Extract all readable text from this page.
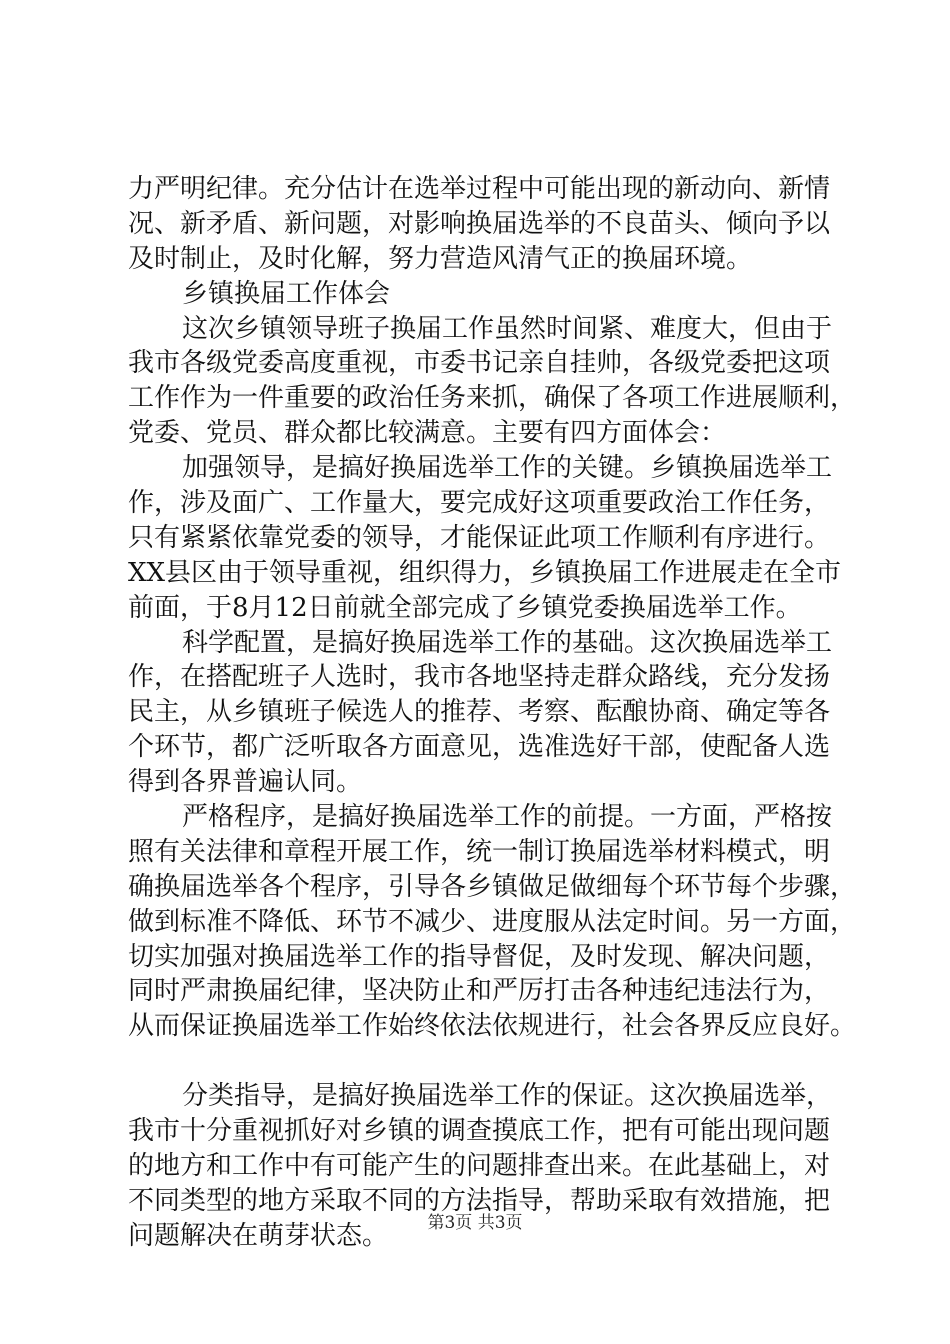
力严明纪律。充分估计在选举过程中可能出现的新动向、新情
况、新矛盾、新问题，对影响换届选举的不良苗头、倾向予以
及时制止，及时化解，努力营造风清气正的换届环境。
乡镇换届工作体会
这次乡镇领导班子换届工作虽然时间紧、难度大，但由于
我市各级党委高度重视，市委书记亲自挂帅，各级党委把这项
工作作为一件重要的政治任务来抓，确保了各项工作进展顺利，
党委、党员、群众都比较满意。主要有四方面体会：
加强领导，是搞好换届选举工作的关键。乡镇换届选举工
作，涉及面广、工作量大，要完成好这项重要政治工作任务，
只有紧紧依靠党委的领导，才能保证此项工作顺利有序进行。
XX县区由于领导重视，组织得力，乡镇换届工作进展走在全市
前面，于8月12日前就全部完成了乡镇党委换届选举工作。
科学配置，是搞好换届选举工作的基础。这次换届选举工
作，在搭配班子人选时，我市各地坚持走群众路线，充分发扬
民主，从乡镇班子候选人的推荐、考察、酝酿协商、确定等各
个环节，都广泛听取各方面意见，选准选好干部，使配备人选
得到各界普遍认同。
严格程序，是搞好换届选举工作的前提。一方面，严格按
照有关法律和章程开展工作，统一制订换届选举材料模式，明
确换届选举各个程序，引导各乡镇做足做细每个环节每个步骤，
做到标准不降低、环节不减少、进度服从法定时间。另一方面，
切实加强对换届选举工作的指导督促，及时发现、解决问题，
同时严肃换届纪律，坚决防止和严厉打击各种违纪违法行为，
从而保证换届选举工作始终依法依规进行，社会各界反应良好。
分类指导，是搞好换届选举工作的保证。这次换届选举，
我市十分重视抓好对乡镇的调查摸底工作，把有可能出现问题
的地方和工作中有可能产生的问题排查出来。在此基础上，对
不同类型的地方采取不同的方法指导，帮助采取有效措施，把
问题解决在萌芽状态。	第3页 共3页
